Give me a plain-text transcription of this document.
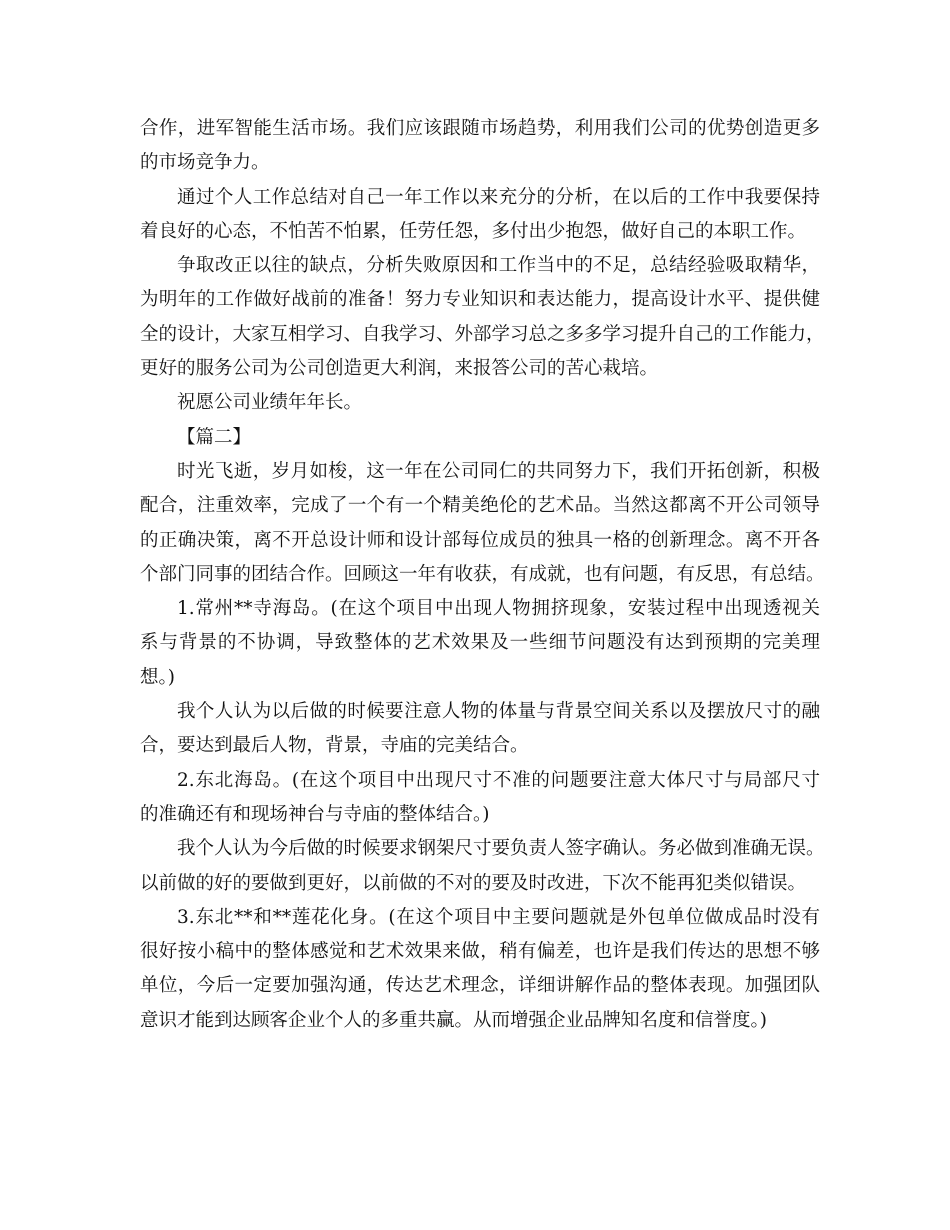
合作，进军智能生活市场。我们应该跟随市场趋势，利用我们公司的优势创造更多
的市场竞争力。
通过个人工作总结对自己一年工作以来充分的分析，在以后的工作中我要保持
着良好的心态，不怕苦不怕累，任劳任怨，多付出少抱怨，做好自己的本职工作。
争取改正以往的缺点，分析失败原因和工作当中的不足，总结经验吸取精华，
为明年的工作做好战前的准备！努力专业知识和表达能力，提高设计水平、提供健
全的设计，大家互相学习、自我学习、外部学习总之多多学习提升自己的工作能力，
更好的服务公司为公司创造更大利润，来报答公司的苦心栽培。
祝愿公司业绩年年长。
【篇二】
时光飞逝，岁月如梭，这一年在公司同仁的共同努力下，我们开拓创新，积极
配合，注重效率，完成了一个有一个精美绝伦的艺术品。当然这都离不开公司领导
的正确决策，离不开总设计师和设计部每位成员的独具一格的创新理念。离不开各
个部门同事的团结合作。回顾这一年有收获，有成就，也有问题，有反思，有总结。
1.常州**寺海岛。(在这个项目中出现人物拥挤现象，安装过程中出现透视关
系与背景的不协调，导致整体的艺术效果及一些细节问题没有达到预期的完美理
想。)
我个人认为以后做的时候要注意人物的体量与背景空间关系以及摆放尺寸的融
合，要达到最后人物，背景，寺庙的完美结合。
2.东北海岛。(在这个项目中出现尺寸不准的问题要注意大体尺寸与局部尺寸
的准确还有和现场神台与寺庙的整体结合。)
我个人认为今后做的时候要求钢架尺寸要负责人签字确认。务必做到准确无误。
以前做的好的要做到更好，以前做的不对的要及时改进，下次不能再犯类似错误。
3.东北**和**莲花化身。(在这个项目中主要问题就是外包单位做成品时没有
很好按小稿中的整体感觉和艺术效果来做，稍有偏差，也许是我们传达的思想不够
单位，今后一定要加强沟通，传达艺术理念，详细讲解作品的整体表现。加强团队
意识才能到达顾客企业个人的多重共赢。从而增强企业品牌知名度和信誉度。)
